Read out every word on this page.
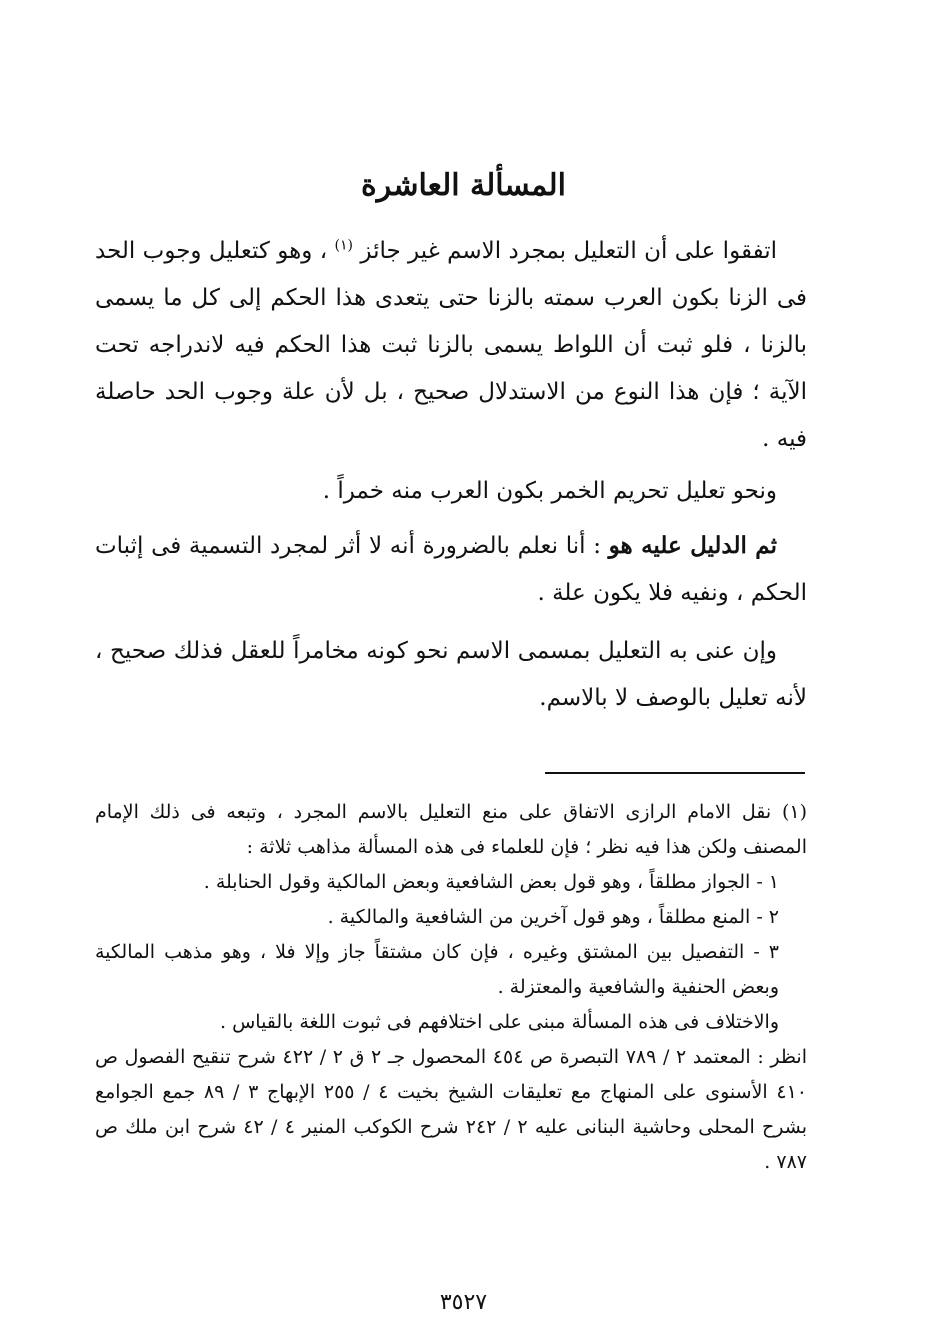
المسألة العاشرة
اتفقوا على أن التعليل بمجرد الاسم غير جائز $^{(١)}$ ، وهو كتعليل وجوب الحد فى الزنا بكون العرب سمته بالزنا حتى يتعدى هذا الحكم إلى كل ما يسمى بالزنا ، فلو ثبت أن اللواط يسمى بالزنا ثبت هذا الحكم فيه لاندراجه تحت الآية ؛ فإن هذا النوع من الاستدلال صحيح ، بل لأن علة وجوب الحد حاصلة فيه .
ونحو تعليل تحريم الخمر بكون العرب منه خمراً .
ثم الدليل عليه هو : أنا نعلم بالضرورة أنه لا أثر لمجرد التسمية فى إثبات الحكم ، ونفيه فلا يكون علة .
وإن عنى به التعليل بمسمى الاسم نحو كونه مخامراً للعقل فذلك صحيح ، لأنه تعليل بالوصف لا بالاسم.
(١) نقل الامام الرازى الاتفاق على منع التعليل بالاسم المجرد ، وتبعه فى ذلك الإمام المصنف ولكن هذا فيه نظر ؛ فإن للعلماء فى هذه المسألة مذاهب ثلاثة :
١ - الجواز مطلقاً ، وهو قول بعض الشافعية وبعض المالكية وقول الحنابلة .
٢ - المنع مطلقاً ، وهو قول آخرين من الشافعية والمالكية .
٣ - التفصيل بين المشتق وغيره ، فإن كان مشتقاً جاز وإلا فلا ، وهو مذهب المالكية وبعض الحنفية والشافعية والمعتزلة .
والاختلاف فى هذه المسألة مبنى على اختلافهم فى ثبوت اللغة بالقياس .
انظر : المعتمد ٢ / ٧٨٩ التبصرة ص ٤٥٤ المحصول جـ ٢ ق ٢ / ٤٢٢ شرح تنقيح الفصول ص ٤١٠ الأسنوى على المنهاج مع تعليقات الشيخ بخيت ٤ / ٢٥٥ الإبهاج ٣ / ٨٩ جمع الجوامع بشرح المحلى وحاشية البنانى عليه ٢ / ٢٤٢ شرح الكوكب المنير ٤ / ٤٢ شرح ابن ملك ص ٧٨٧ .
٣٥٢٧
